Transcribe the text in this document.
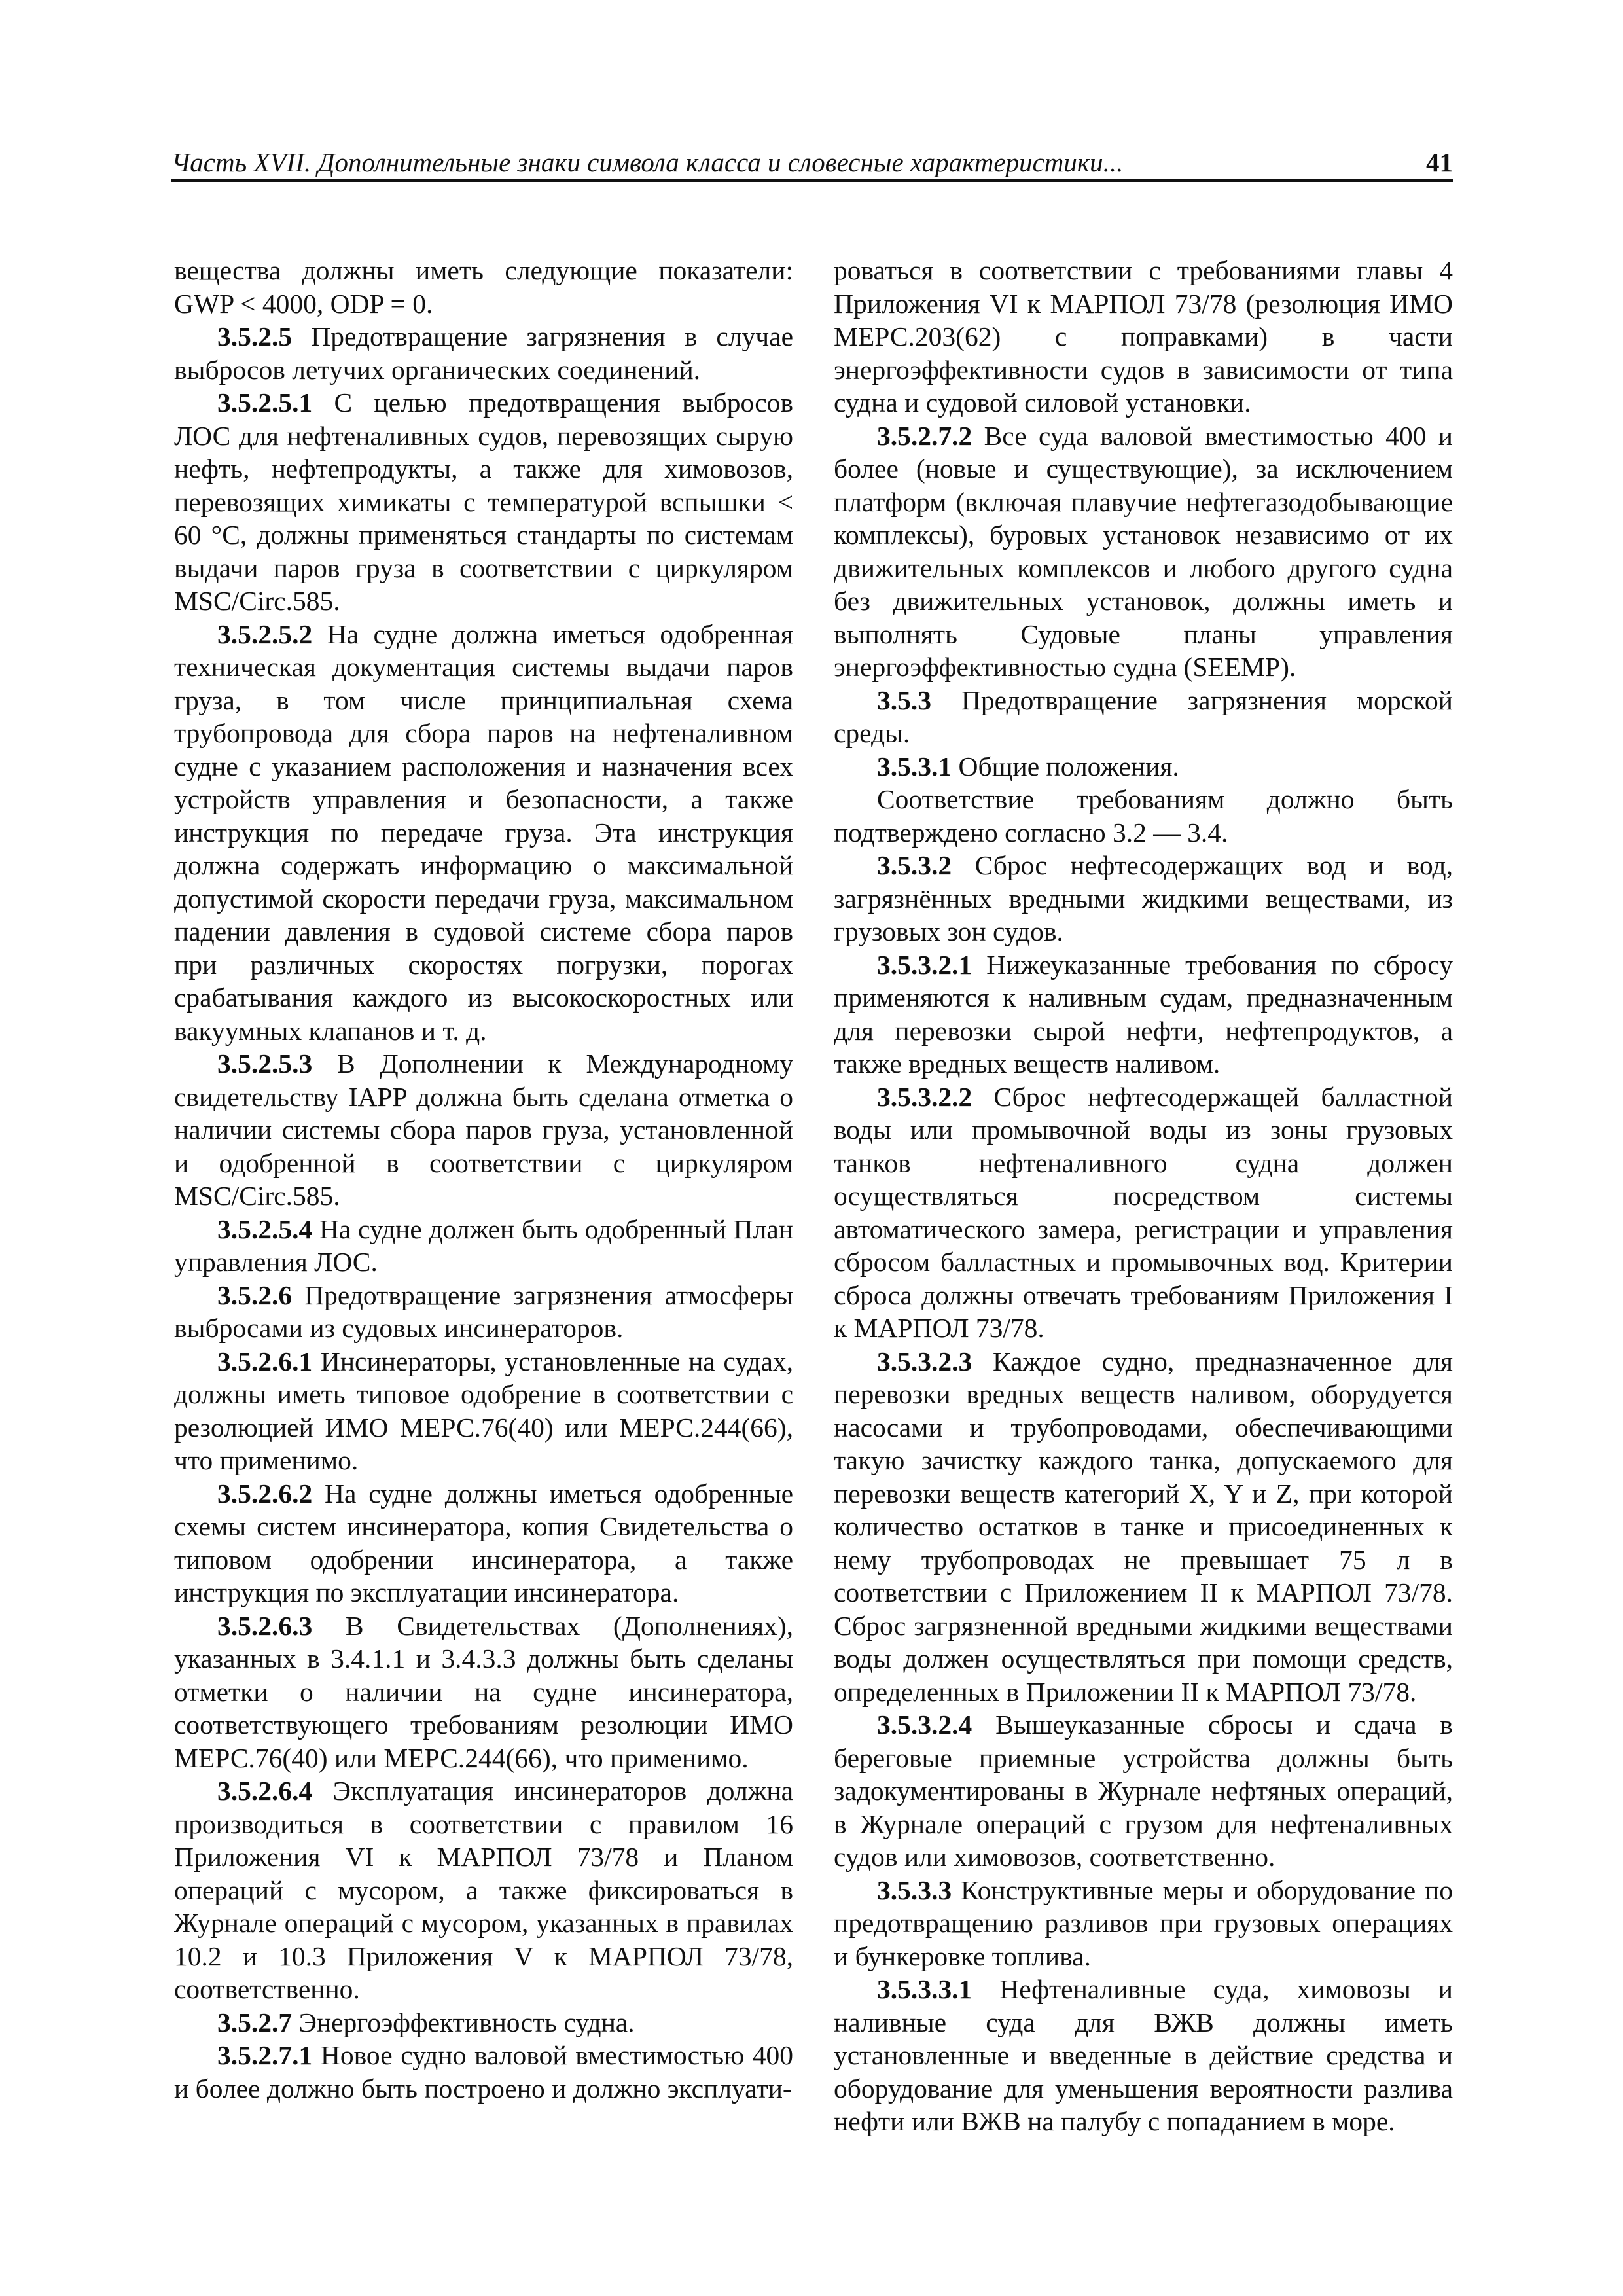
Часть XVII. Дополнительные знаки символа класса и словесные характеристики...	41

вещества должны иметь следующие показатели: GWP < 4000, ODP = 0.

3.5.2.5 Предотвращение загрязнения в случае выбросов летучих органических соединений.

3.5.2.5.1 С целью предотвращения выбросов ЛОС для нефтеналивных судов, перевозящих сырую нефть, нефтепродукты, а также для химовозов, перевозящих химикаты с температурой вспышки < 60 °С, должны применяться стандарты по системам выдачи паров груза в соответствии с циркуляром MSC/Circ.585.

3.5.2.5.2 На судне должна иметься одобренная техническая документация системы выдачи паров груза, в том числе принципиальная схема трубопровода для сбора паров на нефтеналивном судне с указанием расположения и назначения всех устройств управления и безопасности, а также инструкция по передаче груза. Эта инструкция должна содержать информацию о максимальной допустимой скорости передачи груза, максимальном падении давления в судовой системе сбора паров при различных скоростях погрузки, порогах срабатывания каждого из высокоскоростных или вакуумных клапанов и т. д.

3.5.2.5.3 В Дополнении к Международному свидетельству IAPP должна быть сделана отметка о наличии системы сбора паров груза, установленной и одобренной в соответствии с циркуляром MSC/Circ.585.

3.5.2.5.4 На судне должен быть одобренный План управления ЛОС.

3.5.2.6 Предотвращение загрязнения атмосферы выбросами из судовых инсинераторов.

3.5.2.6.1 Инсинераторы, установленные на судах, должны иметь типовое одобрение в соответствии с резолюцией ИМО МЕРС.76(40) или МЕРС.244(66), что применимо.

3.5.2.6.2 На судне должны иметься одобренные схемы систем инсинератора, копия Свидетельства о типовом одобрении инсинератора, а также инструкция по эксплуатации инсинератора.

3.5.2.6.3 В Свидетельствах (Дополнениях), указанных в 3.4.1.1 и 3.4.3.3 должны быть сделаны отметки о наличии на судне инсинератора, соответствующего требованиям резолюции ИМО МЕРС.76(40) или МЕРС.244(66), что применимо.

3.5.2.6.4 Эксплуатация инсинераторов должна производиться в соответствии с правилом 16 Приложения VI к МАРПОЛ 73/78 и Планом операций с мусором, а также фиксироваться в Журнале операций с мусором, указанных в правилах 10.2 и 10.3 Приложения V к МАРПОЛ 73/78, соответственно.

3.5.2.7 Энергоэффективность судна.

3.5.2.7.1 Новое судно валовой вместимостью 400 и более должно быть построено и должно эксплуати-

роваться в соответствии с требованиями главы 4 Приложения VI к МАРПОЛ 73/78 (резолюция ИМО МЕРС.203(62) с поправками) в части энергоэффективности судов в зависимости от типа судна и судовой силовой установки.

3.5.2.7.2 Все суда валовой вместимостью 400 и более (новые и существующие), за исключением платформ (включая плавучие нефтегазодобывающие комплексы), буровых установок независимо от их движительных комплексов и любого другого судна без движительных установок, должны иметь и выполнять Судовые планы управления энергоэффективностью судна (SEEMP).

3.5.3 Предотвращение загрязнения морской среды.

3.5.3.1 Общие положения.

Соответствие требованиям должно быть подтверждено согласно 3.2 — 3.4.

3.5.3.2 Сброс нефтесодержащих вод и вод, загрязнённых вредными жидкими веществами, из грузовых зон судов.

3.5.3.2.1 Нижеуказанные требования по сбросу применяются к наливным судам, предназначенным для перевозки сырой нефти, нефтепродуктов, а также вредных веществ наливом.

3.5.3.2.2 Сброс нефтесодержащей балластной воды или промывочной воды из зоны грузовых танков нефтеналивного судна должен осуществляться посредством системы автоматического замера, регистрации и управления сбросом балластных и промывочных вод. Критерии сброса должны отвечать требованиям Приложения I к МАРПОЛ 73/78.

3.5.3.2.3 Каждое судно, предназначенное для перевозки вредных веществ наливом, оборудуется насосами и трубопроводами, обеспечивающими такую зачистку каждого танка, допускаемого для перевозки веществ категорий X, Y и Z, при которой количество остатков в танке и присоединенных к нему трубопроводах не превышает 75 л в соответствии с Приложением II к МАРПОЛ 73/78. Сброс загрязненной вредными жидкими веществами воды должен осуществляться при помощи средств, определенных в Приложении II к МАРПОЛ 73/78.

3.5.3.2.4 Вышеуказанные сбросы и сдача в береговые приемные устройства должны быть задокументированы в Журнале нефтяных операций, в Журнале операций с грузом для нефтеналивных судов или химовозов, соответственно.

3.5.3.3 Конструктивные меры и оборудование по предотвращению разливов при грузовых операциях и бункеровке топлива.

3.5.3.3.1 Нефтеналивные суда, химовозы и наливные суда для ВЖВ должны иметь установленные и введенные в действие средства и оборудование для уменьшения вероятности разлива нефти или ВЖВ на палубу с попаданием в море.
